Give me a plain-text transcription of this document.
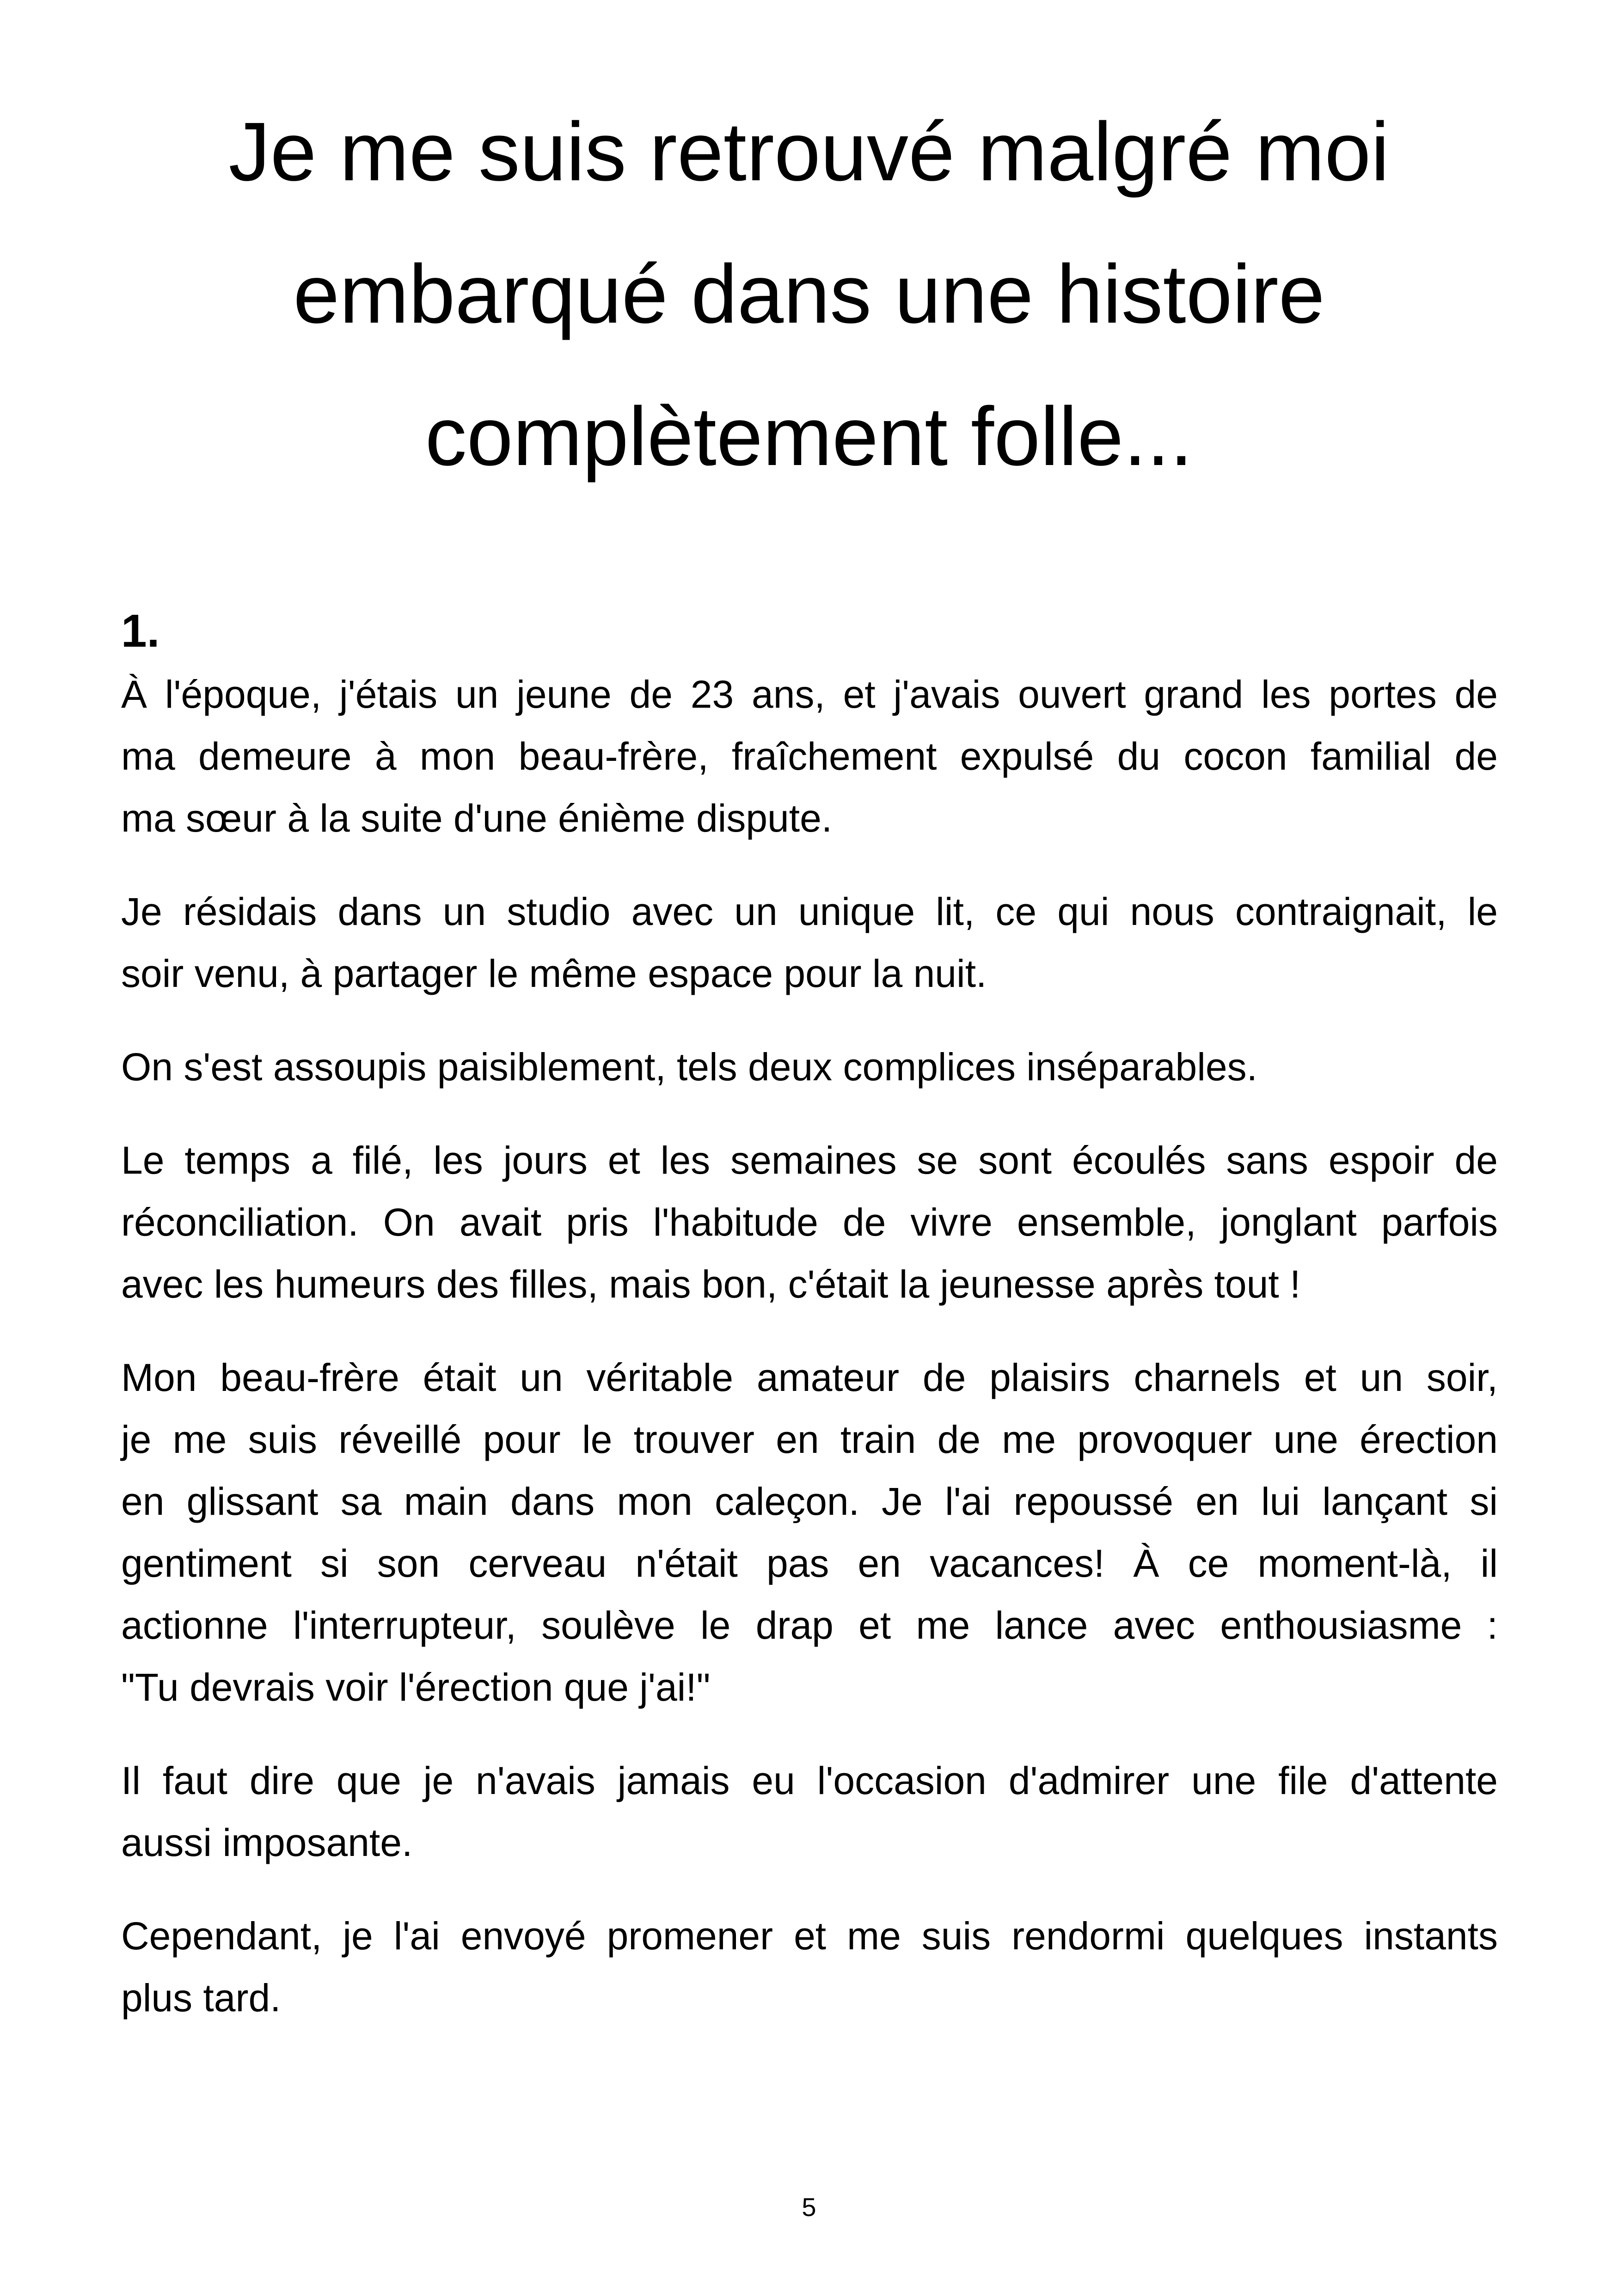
Je me suis retrouvé malgré moi
embarqué dans une histoire
complètement folle...
1.

À l'époque, j'étais un jeune de 23 ans, et j'avais ouvert grand les portes de
ma demeure à mon beau-frère, fraîchement expulsé du cocon familial de
ma sœur à la suite d'une énième dispute.

Je résidais dans un studio avec un unique lit, ce qui nous contraignait, le
soir venu, à partager le même espace pour la nuit.

On s'est assoupis paisiblement, tels deux complices inséparables.

Le temps a filé, les jours et les semaines se sont écoulés sans espoir de
réconciliation. On avait pris l'habitude de vivre ensemble, jonglant parfois
avec les humeurs des filles, mais bon, c'était la jeunesse après tout !

Mon beau-frère était un véritable amateur de plaisirs charnels et un soir,
je me suis réveillé pour le trouver en train de me provoquer une érection
en glissant sa main dans mon caleçon. Je l'ai repoussé en lui lançant si
gentiment si son cerveau n'était pas en vacances! À ce moment-là, il
actionne l'interrupteur, soulève le drap et me lance avec enthousiasme :
"Tu devrais voir l'érection que j'ai!"

Il faut dire que je n'avais jamais eu l'occasion d'admirer une file d'attente
aussi imposante.

Cependant, je l'ai envoyé promener et me suis rendormi quelques instants
plus tard.

5
